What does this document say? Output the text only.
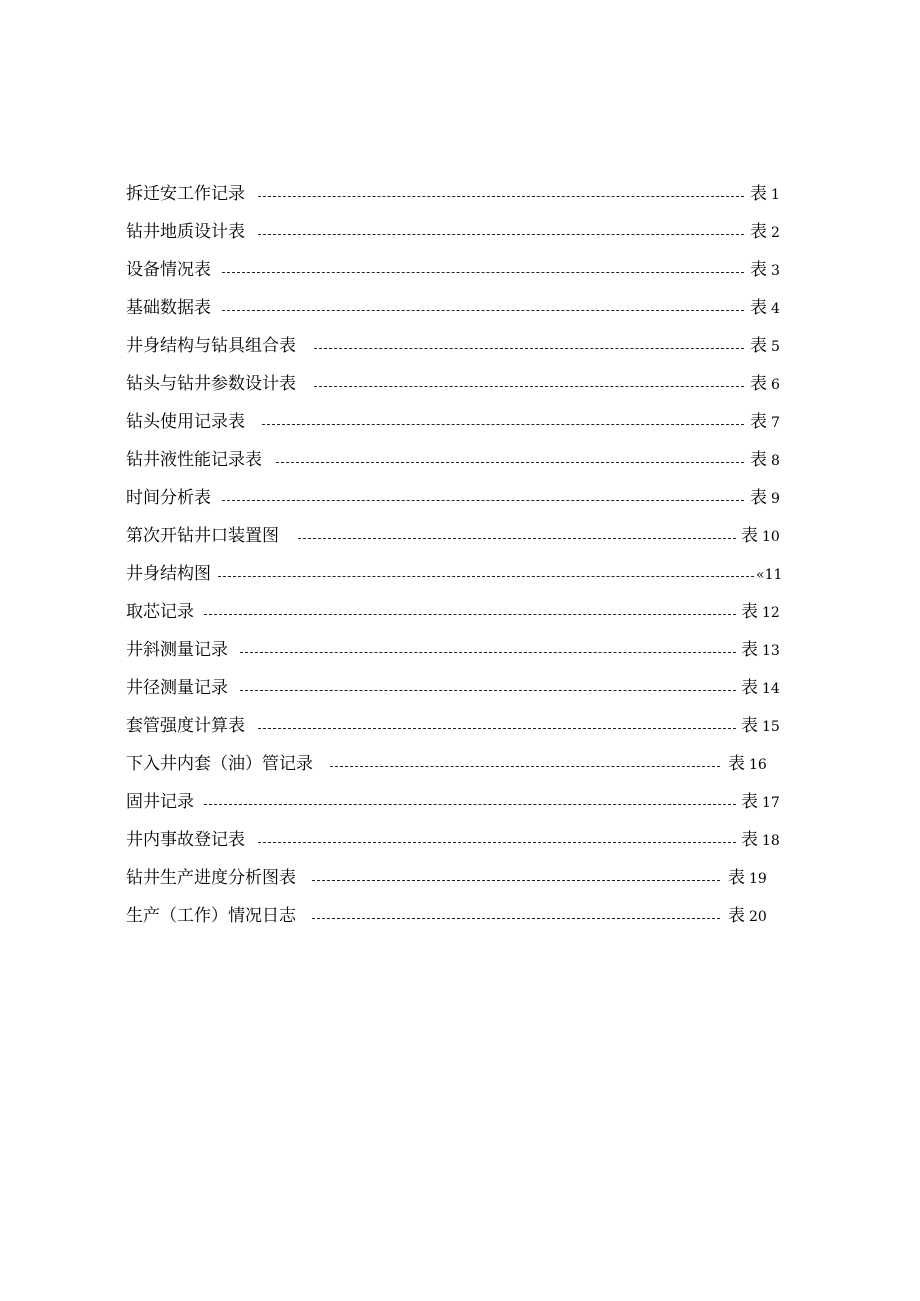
拆迁安工作记录	表 1
钻井地质设计表	表 2
设备情况表	表 3
基础数据表	表 4
井身结构与钻具组合表	表 5
钻头与钻井参数设计表	表 6
钻头使用记录表	表 7
钻井液性能记录表	表 8
时间分析表	表 9
第次开钻井口装置图	表 10
井身结构图	«11
取芯记录	表 12
井斜测量记录	表 13
井径测量记录	表 14
套管强度计算表	表 15
下入井内套（油）管记录	表 16
固井记录	表 17
井内事故登记表	表 18
钻井生产进度分析图表	表 19
生产（工作）情况日志	表 20
